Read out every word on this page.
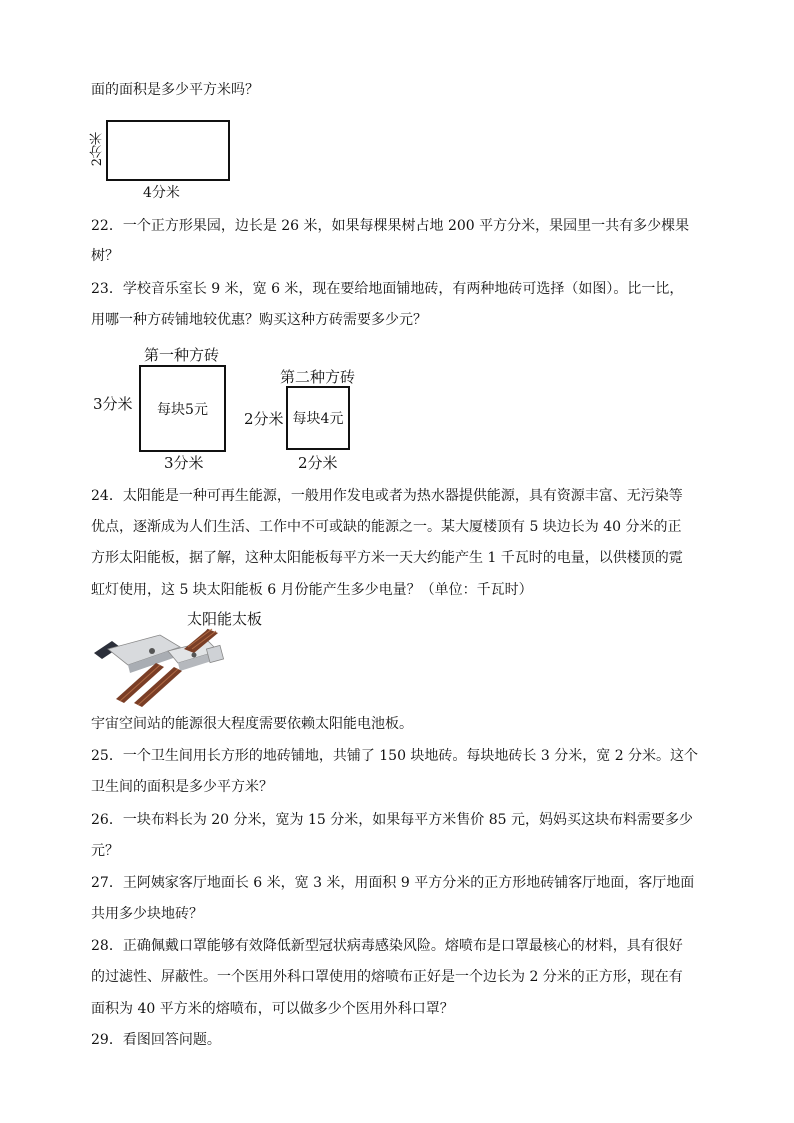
面的面积是多少平方米吗？
2分米
4分米
22．一个正方形果园，边长是 26 米，如果每棵果树占地 200 平方分米，果园里一共有多少棵果
树？
23．学校音乐室长 9 米，宽 6 米，现在要给地面铺地砖，有两种地砖可选择（如图）。比一比，
用哪一种方砖铺地较优惠？购买这种方砖需要多少元？
第一种方砖
每块5元
3分米
3分米
第二种方砖
每块4元
2分米
2分米
24．太阳能是一种可再生能源，一般用作发电或者为热水器提供能源，具有资源丰富、无污染等
优点，逐渐成为人们生活、工作中不可或缺的能源之一。某大厦楼顶有 5 块边长为 40 分米的正
方形太阳能板，据了解，这种太阳能板每平方米一天大约能产生 1 千瓦时的电量，以供楼顶的霓
虹灯使用，这 5 块太阳能板 6 月份能产生多少电量？（单位：千瓦时）
太阳能太板
宇宙空间站的能源很大程度需要依赖太阳能电池板。
25．一个卫生间用长方形的地砖铺地，共铺了 150 块地砖。每块地砖长 3 分米，宽 2 分米。这个
卫生间的面积是多少平方米？
26．一块布料长为 20 分米，宽为 15 分米，如果每平方米售价 85 元，妈妈买这块布料需要多少
元？
27．王阿姨家客厅地面长 6 米，宽 3 米，用面积 9 平方分米的正方形地砖铺客厅地面，客厅地面
共用多少块地砖？
28．正确佩戴口罩能够有效降低新型冠状病毒感染风险。熔喷布是口罩最核心的材料，具有很好
的过滤性、屏蔽性。一个医用外科口罩使用的熔喷布正好是一个边长为 2 分米的正方形，现在有
面积为 40 平方米的熔喷布，可以做多少个医用外科口罩？
29．看图回答问题。
